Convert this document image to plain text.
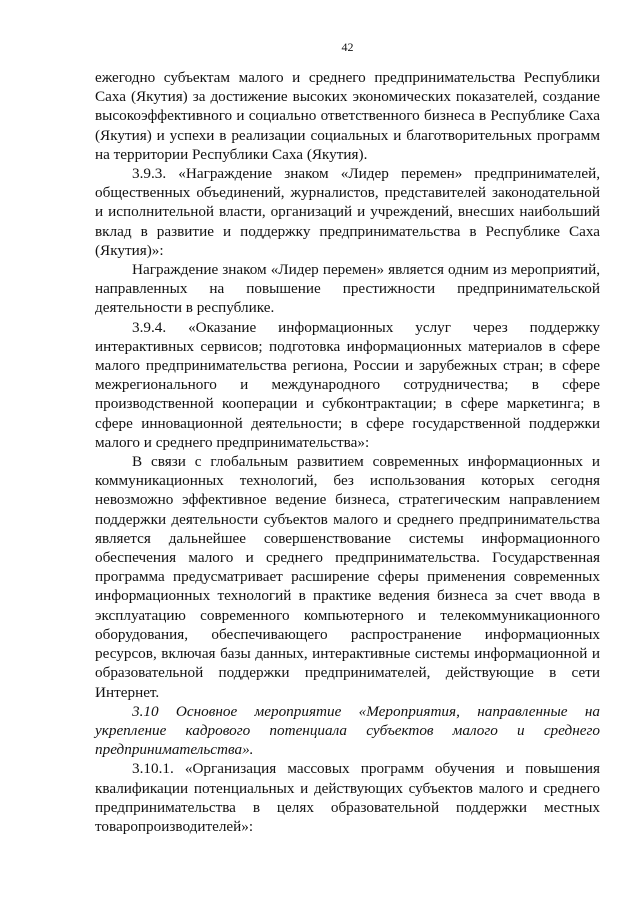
42

ежегодно субъектам малого и среднего предпринимательства Республики Саха (Якутия) за достижение высоких экономических показателей, создание высокоэффективного и социально ответственного бизнеса в Республике Саха (Якутия) и успехи в реализации социальных и благотворительных программ на территории Республики Саха (Якутия).

3.9.3. «Награждение знаком «Лидер перемен» предпринимателей, общественных объединений, журналистов, представителей законодательной и исполнительной власти, организаций и учреждений, внесших наибольший вклад в развитие и поддержку предпринимательства в Республике Саха (Якутия)»:

Награждение знаком «Лидер перемен» является одним из мероприятий, направленных на повышение престижности предпринимательской деятельности в республике.

3.9.4. «Оказание информационных услуг через поддержку интерактивных сервисов; подготовка информационных материалов в сфере малого предпринимательства региона, России и зарубежных стран; в сфере межрегионального и международного сотрудничества; в сфере производственной кооперации и субконтрактации; в сфере маркетинга; в сфере инновационной деятельности; в сфере государственной поддержки малого и среднего предпринимательства»:

В связи с глобальным развитием современных информационных и коммуникационных технологий, без использования которых сегодня невозможно эффективное ведение бизнеса, стратегическим направлением поддержки деятельности субъектов малого и среднего предпринимательства является дальнейшее совершенствование системы информационного обеспечения малого и среднего предпринимательства. Государственная программа предусматривает расширение сферы применения современных информационных технологий в практике ведения бизнеса за счет ввода в эксплуатацию современного компьютерного и телекоммуникационного оборудования, обеспечивающего распространение информационных ресурсов, включая базы данных, интерактивные системы информационной и образовательной поддержки предпринимателей, действующие в сети Интернет.

3.10 Основное мероприятие «Мероприятия, направленные на укрепление кадрового потенциала субъектов малого и среднего предпринимательства».

3.10.1. «Организация массовых программ обучения и повышения квалификации потенциальных и действующих субъектов малого и среднего предпринимательства в целях образовательной поддержки местных товаропроизводителей»:
